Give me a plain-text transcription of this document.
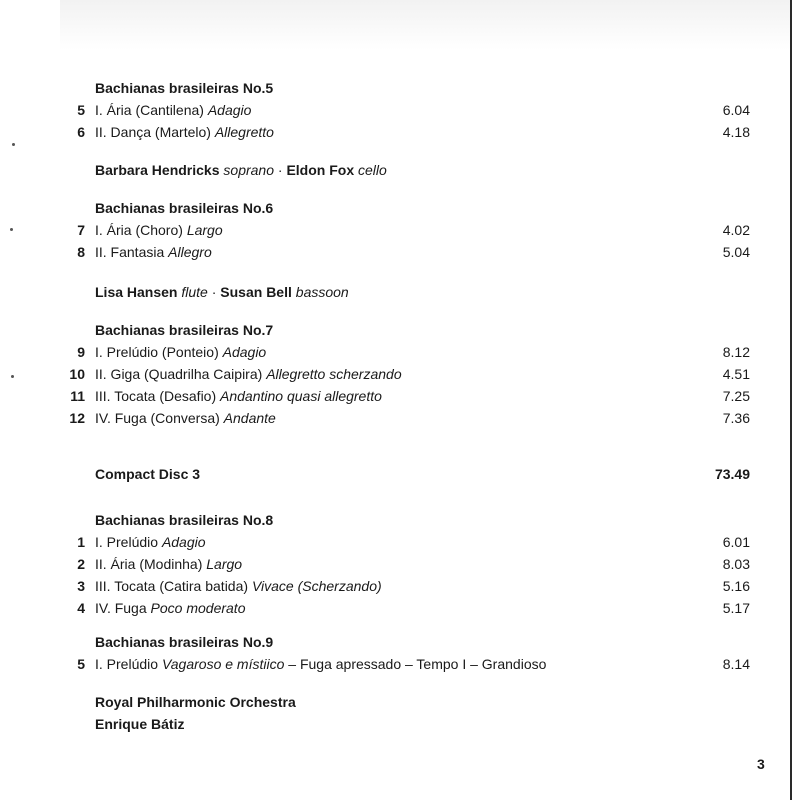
Bachianas brasileiras No.5
5 I. Ária (Cantilena) Adagio	6.04
6 II. Dança (Martelo) Allegretto	4.18
Barbara Hendricks soprano · Eldon Fox cello
Bachianas brasileiras No.6
7 I. Ária (Choro) Largo	4.02
8 II. Fantasia Allegro	5.04
Lisa Hansen flute · Susan Bell bassoon
Bachianas brasileiras No.7
9 I. Prelúdio (Ponteio) Adagio	8.12
10 II. Giga (Quadrilha Caipira) Allegretto scherzando	4.51
11 III. Tocata (Desafio) Andantino quasi allegretto	7.25
12 IV. Fuga (Conversa) Andante	7.36
Compact Disc 3	73.49
Bachianas brasileiras No.8
1 I. Prelúdio Adagio	6.01
2 II. Ária (Modinha) Largo	8.03
3 III. Tocata (Catira batida) Vivace (Scherzando)	5.16
4 IV. Fuga Poco moderato	5.17
Bachianas brasileiras No.9
5 I. Prelúdio Vagaroso e místiico – Fuga apressado – Tempo I – Grandioso	8.14
Royal Philharmonic Orchestra
Enrique Bátiz
3
